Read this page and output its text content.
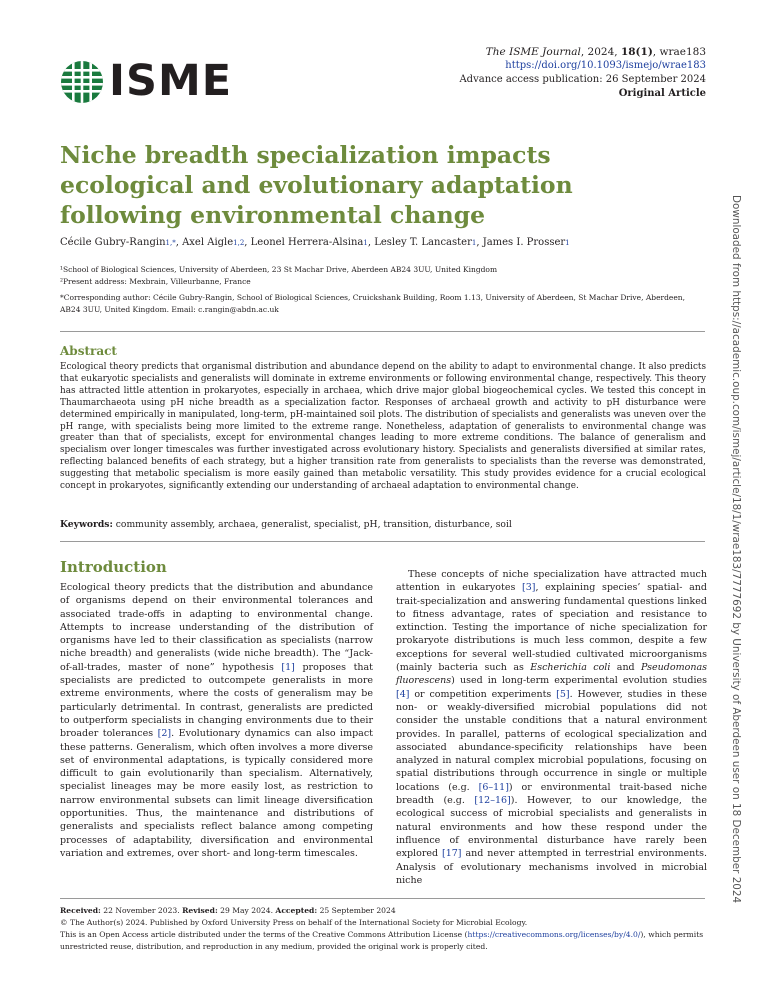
ISME
The ISME Journal, 2024, 18(1), wrae183
https://doi.org/10.1093/ismejo/wrae183
Advance access publication: 26 September 2024
Original Article
Niche breadth specialization impacts ecological and evolutionary adaptation following environmental change
Cécile Gubry-Rangin$^{1,*}$, Axel Aigle$^{1,2}$, Leonel Herrera-Alsina$^1$, Lesley T. Lancaster$^1$, James I. Prosser$^1$
¹School of Biological Sciences, University of Aberdeen, 23 St Machar Drive, Aberdeen AB24 3UU, United Kingdom
²Present address: Mexbrain, Villeurbanne, France
*Corresponding author: Cécile Gubry-Rangin, School of Biological Sciences, Cruickshank Building, Room 1.13, University of Aberdeen, St Machar Drive, Aberdeen, AB24 3UU, United Kingdom. Email: c.rangin@abdn.ac.uk
Abstract
Ecological theory predicts that organismal distribution and abundance depend on the ability to adapt to environmental change. It also predicts that eukaryotic specialists and generalists will dominate in extreme environments or following environmental change, respectively. This theory has attracted little attention in prokaryotes, especially in archaea, which drive major global biogeochemical cycles. We tested this concept in Thaumarchaeota using pH niche breadth as a specialization factor. Responses of archaeal growth and activity to pH disturbance were determined empirically in manipulated, long-term, pH-maintained soil plots. The distribution of specialists and generalists was uneven over the pH range, with specialists being more limited to the extreme range. Nonetheless, adaptation of generalists to environmental change was greater than that of specialists, except for environmental changes leading to more extreme conditions. The balance of generalism and specialism over longer timescales was further investigated across evolutionary history. Specialists and generalists diversified at similar rates, reflecting balanced benefits of each strategy, but a higher transition rate from generalists to specialists than the reverse was demonstrated, suggesting that metabolic specialism is more easily gained than metabolic versatility. This study provides evidence for a crucial ecological concept in prokaryotes, significantly extending our understanding of archaeal adaptation to environmental change.
Keywords: community assembly, archaea, generalist, specialist, pH, transition, disturbance, soil
Introduction
Ecological theory predicts that the distribution and abundance of organisms depend on their environmental tolerances and associated trade-offs in adapting to environmental change. Attempts to increase understanding of the distribution of organisms have led to their classification as specialists (narrow niche breadth) and generalists (wide niche breadth). The “Jack-of-all-trades, master of none” hypothesis [1] proposes that specialists are predicted to outcompete generalists in more extreme environments, where the costs of generalism may be particularly detrimental. In contrast, generalists are predicted to outperform specialists in changing environments due to their broader tolerances [2]. Evolutionary dynamics can also impact these patterns. Generalism, which often involves a more diverse set of environmental adaptations, is typically considered more difficult to gain evolutionarily than specialism. Alternatively, specialist lineages may be more easily lost, as restriction to narrow environmental subsets can limit lineage diversification opportunities. Thus, the maintenance and distributions of generalists and specialists reflect balance among competing processes of adaptability, diversification and environmental variation and extremes, over short- and long-term timescales.
These concepts of niche specialization have attracted much attention in eukaryotes [3], explaining species’ spatial- and trait-specialization and answering fundamental questions linked to fitness advantage, rates of speciation and resistance to extinction. Testing the importance of niche specialization for prokaryote distributions is much less common, despite a few exceptions for several well-studied cultivated microorganisms (mainly bacteria such as Escherichia coli and Pseudomonas fluorescens) used in long-term experimental evolution studies [4] or competition experiments [5]. However, studies in these non- or weakly-diversified microbial populations did not consider the unstable conditions that a natural environment provides. In parallel, patterns of ecological specialization and associated abundance-specificity relationships have been analyzed in natural complex microbial populations, focusing on spatial distributions through occurrence in single or multiple locations (e.g. [6–11]) or environmental trait-based niche breadth (e.g. [12–16]). However, to our knowledge, the ecological success of microbial specialists and generalists in natural environments and how these respond under the influence of environmental disturbance have rarely been explored [17] and never attempted in terrestrial environments. Analysis of evolutionary mechanisms involved in microbial niche
Received: 22 November 2023. Revised: 29 May 2024. Accepted: 25 September 2024
© The Author(s) 2024. Published by Oxford University Press on behalf of the International Society for Microbial Ecology.
This is an Open Access article distributed under the terms of the Creative Commons Attribution License (https://creativecommons.org/licenses/by/4.0/), which permits unrestricted reuse, distribution, and reproduction in any medium, provided the original work is properly cited.
Downloaded from https://academic.oup.com/ismej/article/18/1/wrae183/7777692 by University of Aberdeen user on 18 December 2024
